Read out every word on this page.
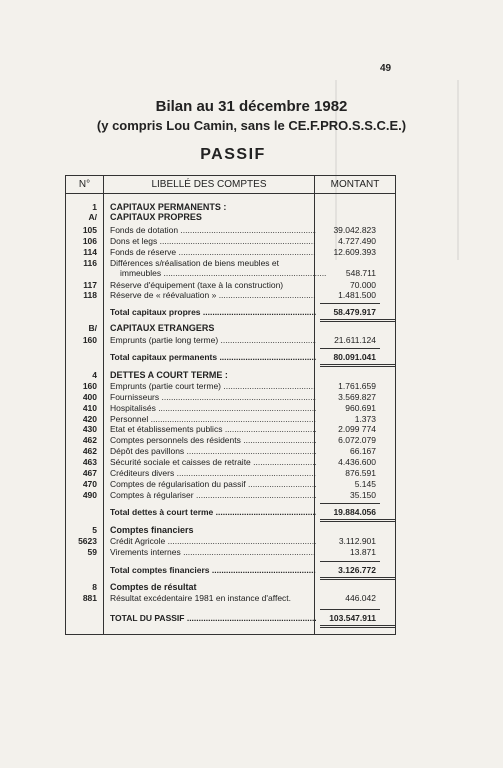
49
Bilan au 31 décembre 1982
(y compris Lou Camin, sans le CE.F.PRO.S.S.C.E.)
PASSIF
N°	LIBELLÉ DES COMPTES	MONTANT
1 CAPITAUX PERMANENTS :
A/ CAPITAUX PROPRES
105 Fonds de dotation .....	39.042.823
106 Dons et legs .....	4.727.490
114 Fonds de réserve .....	12.609.393
116 Différences s/réalisation de biens meubles et
immeubles .....	548.711
117 Réserve d'équipement (taxe à la construction)	70.000
118 Réserve de « réévaluation » .....	1.481.500
Total capitaux propres .....	58.479.917
B/ CAPITAUX ETRANGERS
160 Emprunts (partie long terme) .....	21.611.124
Total capitaux permanents .....	80.091.041
4 DETTES A COURT TERME :
160 Emprunts (partie court terme) .....	1.761.659
400 Fournisseurs .....	3.569.827
410 Hospitalisés .....	960.691
420 Personnel .....	1.373
430 Etat et établissements publics .....	2.099 774
462 Comptes personnels des résidents .....	6.072.079
462 Dépôt des pavillons .....	66.167
463 Sécurité sociale et caisses de retraite .....	4.436.600
467 Créditeurs divers .....	876.591
470 Comptes de régularisation du passif .....	5.145
490 Comptes à régulariser .....	35.150
Total dettes à court terme .....	19.884.056
5 Comptes financiers
5623 Crédit Agricole .....	3.112.901
59 Virements internes .....	13.871
Total comptes financiers .....	3.126.772
8 Comptes de résultat
881 Résultat excédentaire 1981 en instance d'affect.	446.042
TOTAL DU PASSIF .....	103.547.911
